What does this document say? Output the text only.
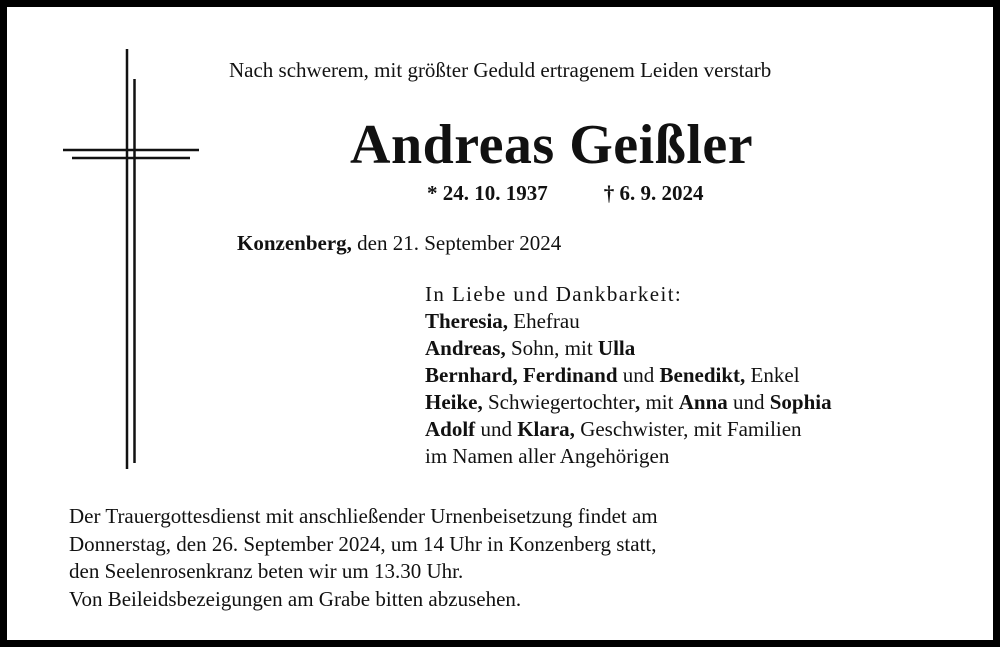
Nach schwerem, mit größter Geduld ertragenem Leiden verstarb
Andreas Geißler
* 24. 10. 1937	† 6. 9. 2024
Konzenberg, den 21. September 2024
In Liebe und Dankbarkeit:
Theresia, Ehefrau
Andreas, Sohn, mit Ulla
Bernhard, Ferdinand und Benedikt, Enkel
Heike, Schwiegertochter, mit Anna und Sophia
Adolf und Klara, Geschwister, mit Familien
im Namen aller Angehörigen
Der Trauergottesdienst mit anschließender Urnenbeisetzung findet am
Donnerstag, den 26. September 2024, um 14 Uhr in Konzenberg statt,
den Seelenrosenkranz beten wir um 13.30 Uhr.
Von Beileidsbezeigungen am Grabe bitten abzusehen.
